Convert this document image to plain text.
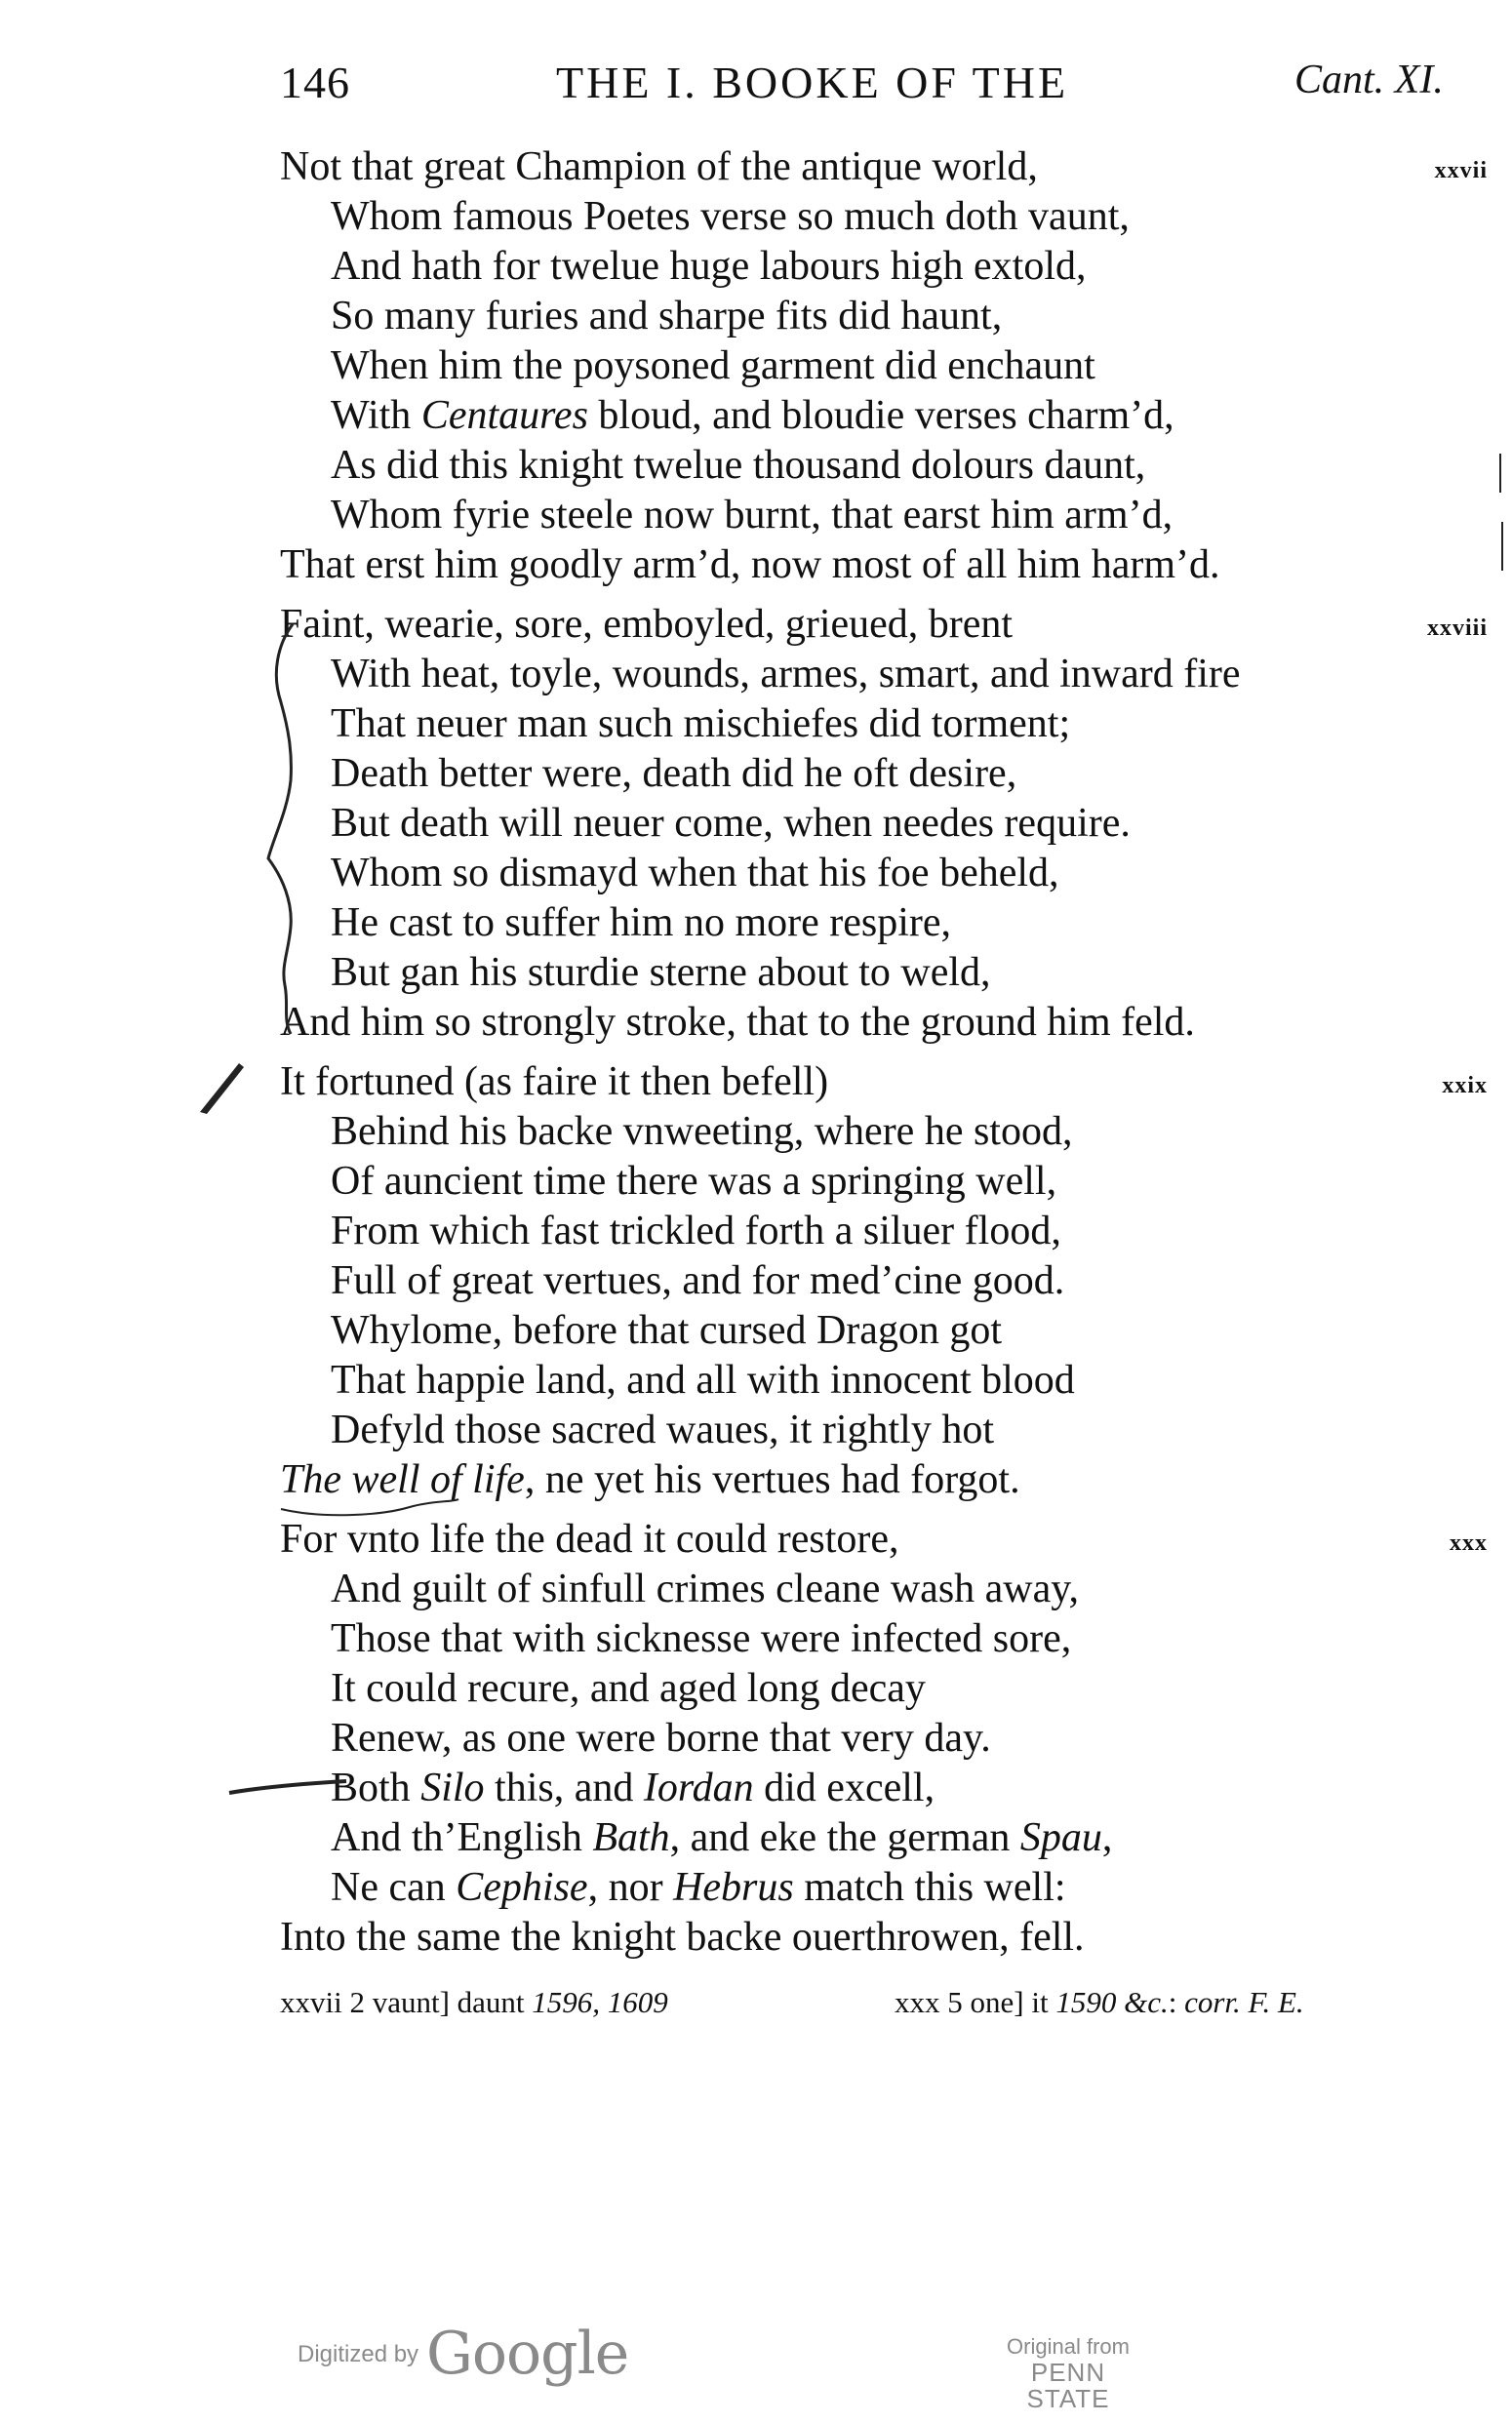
146	THE I. BOOKE OF THE	Cant. XI.
Not that great Champion of the antique world,	xxvii
Whom famous Poetes verse so much doth vaunt,
And hath for twelue huge labours high extold,
So many furies and sharpe fits did haunt,
When him the poysoned garment did enchaunt
With Centaures bloud, and bloudie verses charm’d,
As did this knight twelue thousand dolours daunt,
Whom fyrie steele now burnt, that earst him arm’d,
That erst him goodly arm’d, now most of all him harm’d.
Faint, wearie, sore, emboyled, grieued, brent	xxviii
With heat, toyle, wounds, armes, smart, and inward fire
That neuer man such mischiefes did torment;
Death better were, death did he oft desire,
But death will neuer come, when needes require.
Whom so dismayd when that his foe beheld,
He cast to suffer him no more respire,
But gan his sturdie sterne about to weld,
And him so strongly stroke, that to the ground him feld.
It fortuned (as faire it then befell)	xxix
Behind his backe vnweeting, where he stood,
Of auncient time there was a springing well,
From which fast trickled forth a siluer flood,
Full of great vertues, and for med’cine good.
Whylome, before that cursed Dragon got
That happie land, and all with innocent blood
Defyld those sacred waues, it rightly hot
The well of life, ne yet his vertues had forgot.
For vnto life the dead it could restore,	xxx
And guilt of sinfull crimes cleane wash away,
Those that with sicknesse were infected sore,
It could recure, and aged long decay
Renew, as one were borne that very day.
Both Silo this, and Iordan did excell,
And th’English Bath, and eke the german Spau,
Ne can Cephise, nor Hebrus match this well:
Into the same the knight backe ouerthrowen, fell.
xxvii 2 vaunt] daunt 1596, 1609	xxx 5 one] it 1590 &c.: corr. F. E.
Digitized by Google	Original from
PENN STATE
